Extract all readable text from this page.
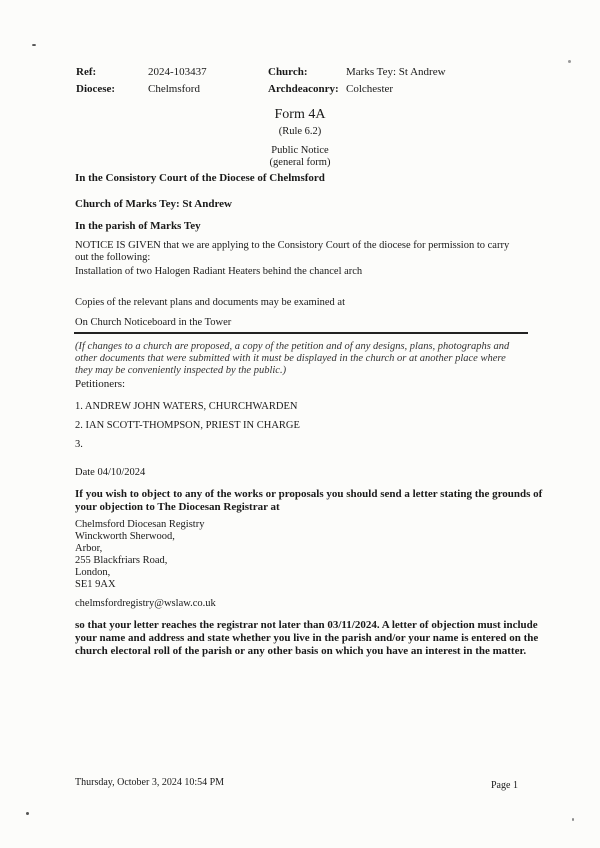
Ref:	2024-103437	Church:	Marks Tey: St Andrew
Diocese:	Chelmsford	Archdeaconry: Colchester
Form 4A
(Rule 6.2)
Public Notice
(general form)
In the Consistory Court of the Diocese of Chelmsford
Church of Marks Tey: St Andrew
In the parish of Marks Tey
NOTICE IS GIVEN that we are applying to the Consistory Court of the diocese for permission to carry
out the following:
Installation of two Halogen Radiant Heaters behind the chancel arch
Copies of the relevant plans and documents may be examined at
On Church Noticeboard in the Tower
(If changes to a church are proposed, a copy of the petition and of any designs, plans, photographs and
other documents that were submitted with it must be displayed in the church or at another place where
they may be conveniently inspected by the public.)
Petitioners:
1. ANDREW JOHN WATERS, CHURCHWARDEN
2. IAN SCOTT-THOMPSON, PRIEST IN CHARGE
3.
Date 04/10/2024
If you wish to object to any of the works or proposals you should send a letter stating the grounds of
your objection to The Diocesan Registrar at
Chelmsford Diocesan Registry
Winckworth Sherwood,
Arbor,
255 Blackfriars Road,
London,
SE1 9AX
chelmsfordregistry@wslaw.co.uk
so that your letter reaches the registrar not later than 03/11/2024. A letter of objection must include
your name and address and state whether you live in the parish and/or your name is entered on the
church electoral roll of the parish or any other basis on which you have an interest in the matter.
Thursday, October 3, 2024 10:54 PM	Page 1
